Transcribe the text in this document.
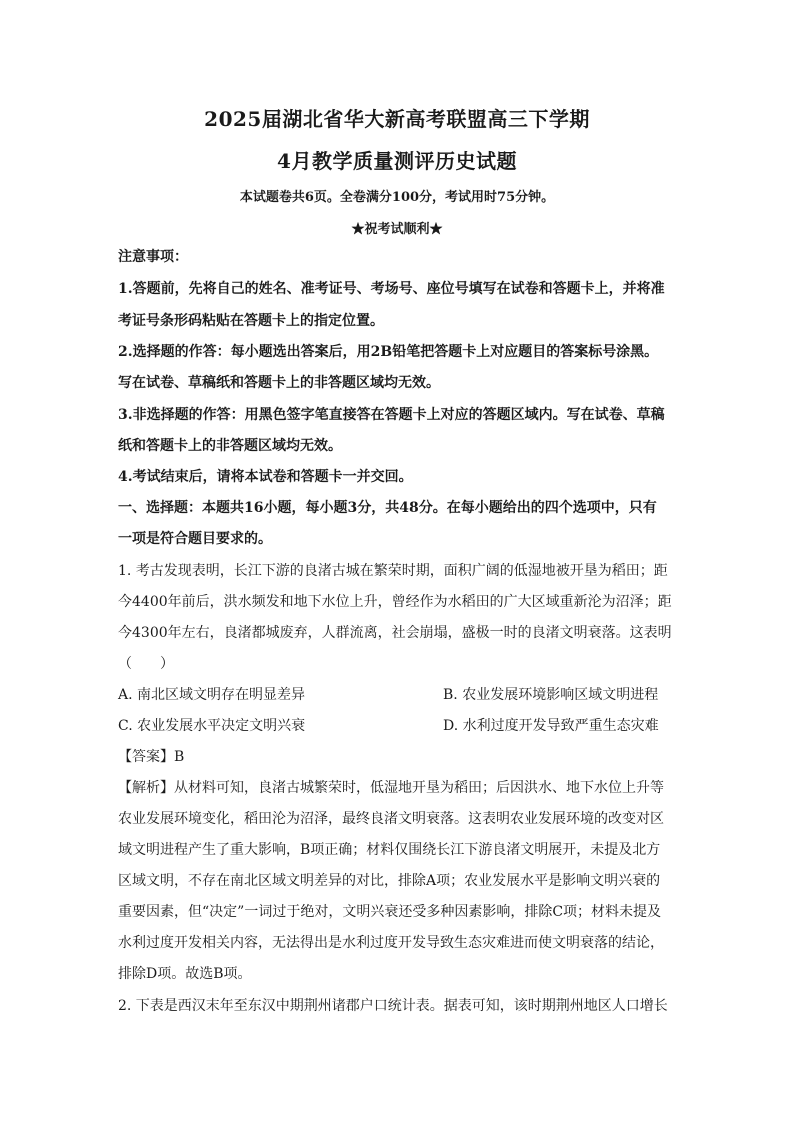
2025届湖北省华大新高考联盟高三下学期
4月教学质量测评历史试题
本试题卷共6页。全卷满分100分，考试用时75分钟。
★祝考试顺利★
注意事项：
1.答题前，先将自己的姓名、准考证号、考场号、座位号填写在试卷和答题卡上，并将准
考证号条形码粘贴在答题卡上的指定位置。
2.选择题的作答：每小题选出答案后，用2B铅笔把答题卡上对应题目的答案标号涂黑。
写在试卷、草稿纸和答题卡上的非答题区域均无效。
3.非选择题的作答：用黑色签字笔直接答在答题卡上对应的答题区域内。写在试卷、草稿
纸和答题卡上的非答题区域均无效。
4.考试结束后，请将本试卷和答题卡一并交回。
一、选择题：本题共16小题，每小题3分，共48分。在每小题给出的四个选项中，只有
一项是符合题目要求的。
1. 考古发现表明，长江下游的良渚古城在繁荣时期，面积广阔的低湿地被开垦为稻田；距
今4400年前后，洪水频发和地下水位上升，曾经作为水稻田的广大区域重新沦为沼泽；距
今4300年左右，良渚都城废弃，人群流离，社会崩塌，盛极一时的良渚文明衰落。这表明
（　　）
A. 南北区域文明存在明显差异	B. 农业发展环境影响区域文明进程
C. 农业发展水平决定文明兴衰	D. 水利过度开发导致严重生态灾难
【答案】B
【解析】从材料可知，良渚古城繁荣时，低湿地开垦为稻田；后因洪水、地下水位上升等
农业发展环境变化，稻田沦为沼泽，最终良渚文明衰落。这表明农业发展环境的改变对区
域文明进程产生了重大影响，B项正确；材料仅围绕长江下游良渚文明展开，未提及北方
区域文明，不存在南北区域文明差异的对比，排除A项；农业发展水平是影响文明兴衰的
重要因素，但“决定”一词过于绝对，文明兴衰还受多种因素影响，排除C项；材料未提及
水利过度开发相关内容，无法得出是水利过度开发导致生态灾难进而使文明衰落的结论，
排除D项。故选B项。
2. 下表是西汉末年至东汉中期荆州诸郡户口统计表。据表可知，该时期荆州地区人口增长
